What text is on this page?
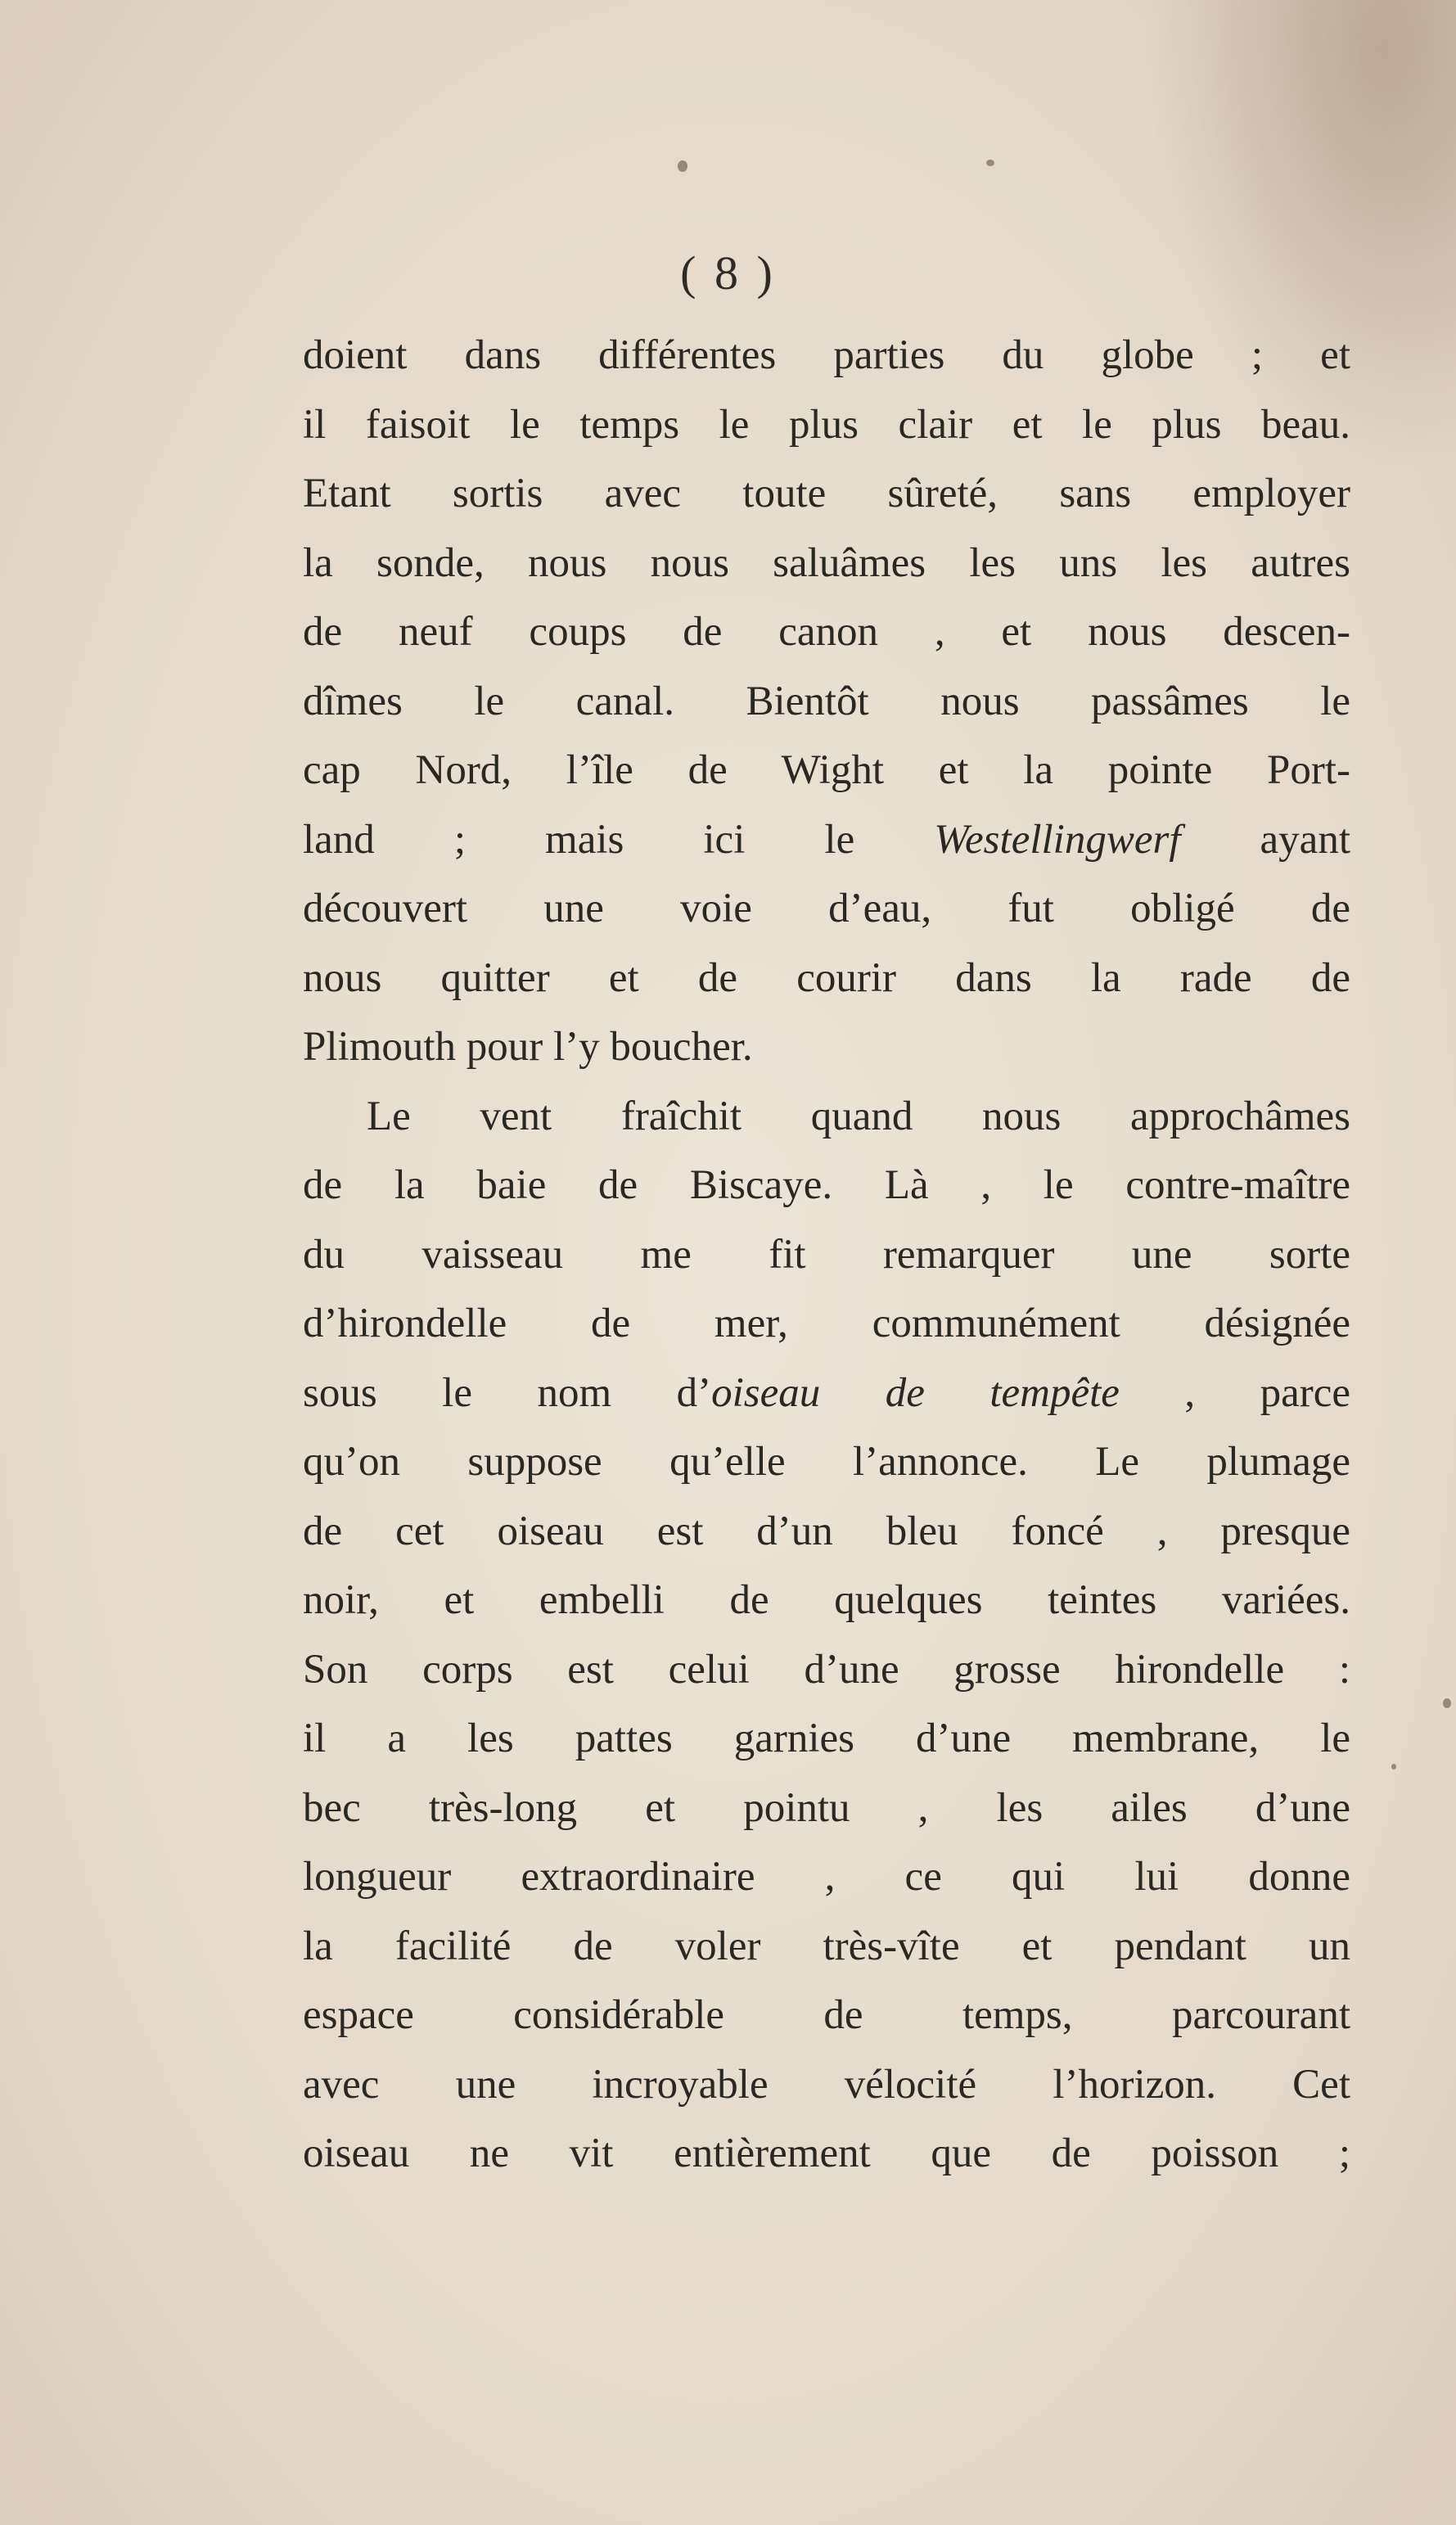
( 8 )
doient dans différentes parties du globe ; et
il faisoit le temps le plus clair et le plus beau.
Etant sortis avec toute sûreté, sans employer
la sonde, nous nous saluâmes les uns les autres
de neuf coups de canon , et nous descen-
dîmes le canal. Bientôt nous passâmes le
cap Nord, l’île de Wight et la pointe Port-
land ; mais ici le Westellingwerf ayant
découvert une voie d’eau, fut obligé de
nous quitter et de courir dans la rade de
Plimouth pour l’y boucher.
Le vent fraîchit quand nous approchâmes
de la baie de Biscaye. Là , le contre-maître
du vaisseau me fit remarquer une sorte
d’hirondelle de mer, communément désignée
sous le nom d’oiseau de tempête , parce
qu’on suppose qu’elle l’annonce. Le plumage
de cet oiseau est d’un bleu foncé , presque
noir, et embelli de quelques teintes variées.
Son corps est celui d’une grosse hirondelle :
il a les pattes garnies d’une membrane, le
bec très-long et pointu , les ailes d’une
longueur extraordinaire , ce qui lui donne
la facilité de voler très-vîte et pendant un
espace considérable de temps, parcourant
avec une incroyable vélocité l’horizon. Cet
oiseau ne vit entièrement que de poisson ;
